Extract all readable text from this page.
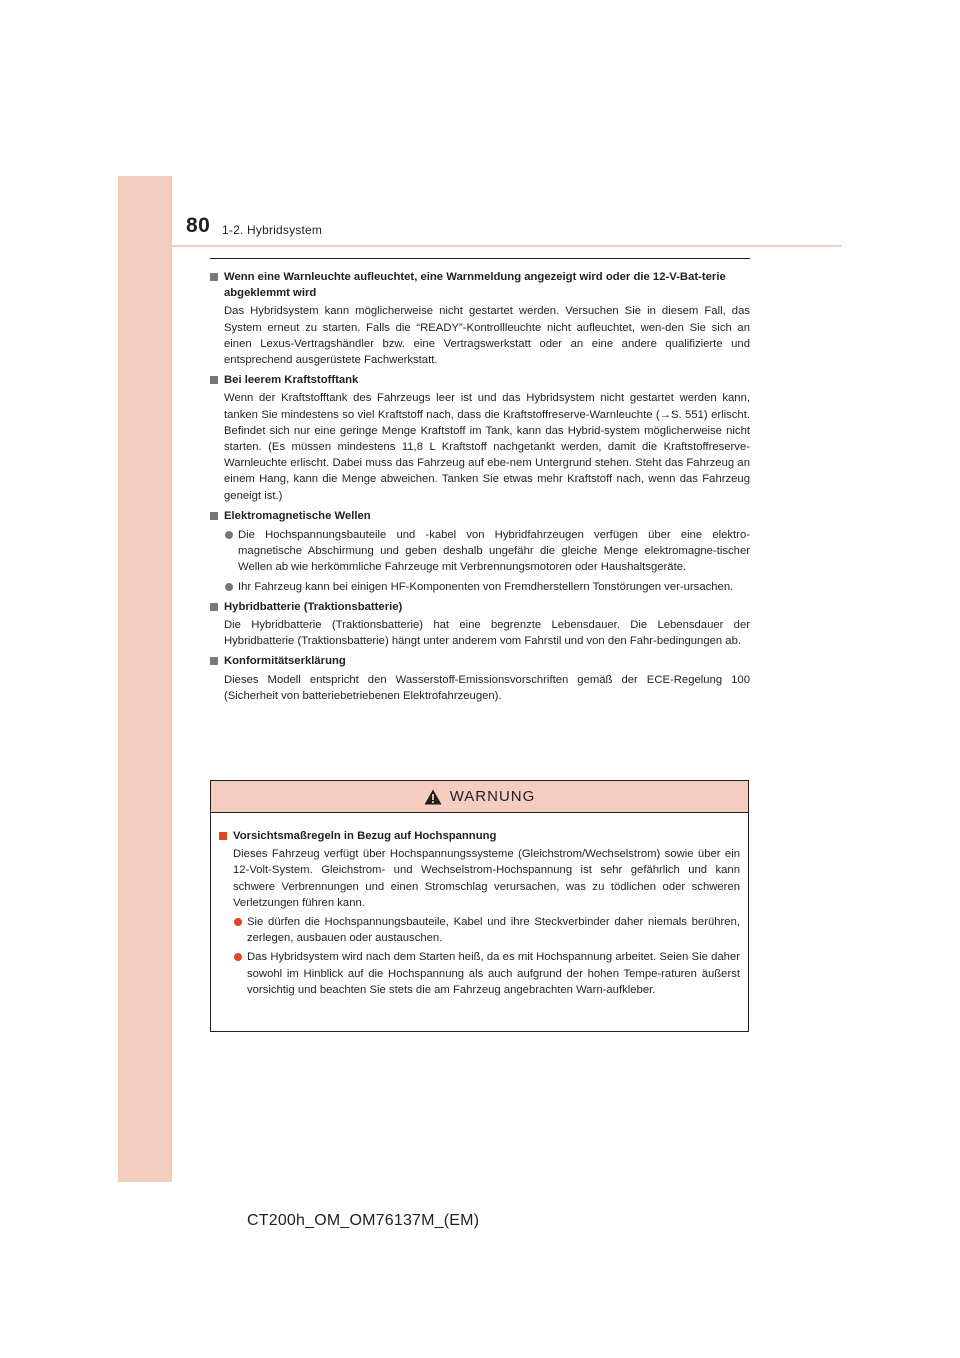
80 1-2. Hybridsystem
Wenn eine Warnleuchte aufleuchtet, eine Warnmeldung angezeigt wird oder die 12-V-Bat-terie abgeklemmt wird
Das Hybridsystem kann möglicherweise nicht gestartet werden. Versuchen Sie in diesem Fall, das System erneut zu starten. Falls die “READY”-Kontrollleuchte nicht aufleuchtet, wen-den Sie sich an einen Lexus-Vertragshändler bzw. eine Vertragswerkstatt oder an eine andere qualifizierte und entsprechend ausgerüstete Fachwerkstatt.
Bei leerem Kraftstofftank
Wenn der Kraftstofftank des Fahrzeugs leer ist und das Hybridsystem nicht gestartet werden kann, tanken Sie mindestens so viel Kraftstoff nach, dass die Kraftstoffreserve-Warnleuchte (→S. 551) erlischt. Befindet sich nur eine geringe Menge Kraftstoff im Tank, kann das Hybrid-system möglicherweise nicht starten. (Es müssen mindestens 11,8 L Kraftstoff nachgetankt werden, damit die Kraftstoffreserve-Warnleuchte erlischt. Dabei muss das Fahrzeug auf ebe-nem Untergrund stehen. Steht das Fahrzeug an einem Hang, kann die Menge abweichen. Tanken Sie etwas mehr Kraftstoff nach, wenn das Fahrzeug geneigt ist.)
Elektromagnetische Wellen
Die Hochspannungsbauteile und -kabel von Hybridfahrzeugen verfügen über eine elektro-magnetische Abschirmung und geben deshalb ungefähr die gleiche Menge elektromagne-tischer Wellen ab wie herkömmliche Fahrzeuge mit Verbrennungsmotoren oder Haushaltsgeräte.
Ihr Fahrzeug kann bei einigen HF-Komponenten von Fremdherstellern Tonstörungen ver-ursachen.
Hybridbatterie (Traktionsbatterie)
Die Hybridbatterie (Traktionsbatterie) hat eine begrenzte Lebensdauer. Die Lebensdauer der Hybridbatterie (Traktionsbatterie) hängt unter anderem vom Fahrstil und von den Fahr-bedingungen ab.
Konformitätserklärung
Dieses Modell entspricht den Wasserstoff-Emissionsvorschriften gemäß der ECE-Regelung 100 (Sicherheit von batteriebetriebenen Elektrofahrzeugen).
WARNUNG
Vorsichtsmaßregeln in Bezug auf Hochspannung
Dieses Fahrzeug verfügt über Hochspannungssysteme (Gleichstrom/Wechselstrom) sowie über ein 12-Volt-System. Gleichstrom- und Wechselstrom-Hochspannung ist sehr gefährlich und kann schwere Verbrennungen und einen Stromschlag verursachen, was zu tödlichen oder schweren Verletzungen führen kann.
Sie dürfen die Hochspannungsbauteile, Kabel und ihre Steckverbinder daher niemals berühren, zerlegen, ausbauen oder austauschen.
Das Hybridsystem wird nach dem Starten heiß, da es mit Hochspannung arbeitet. Seien Sie daher sowohl im Hinblick auf die Hochspannung als auch aufgrund der hohen Tempe-raturen äußerst vorsichtig und beachten Sie stets die am Fahrzeug angebrachten Warn-aufkleber.
CT200h_OM_OM76137M_(EM)
